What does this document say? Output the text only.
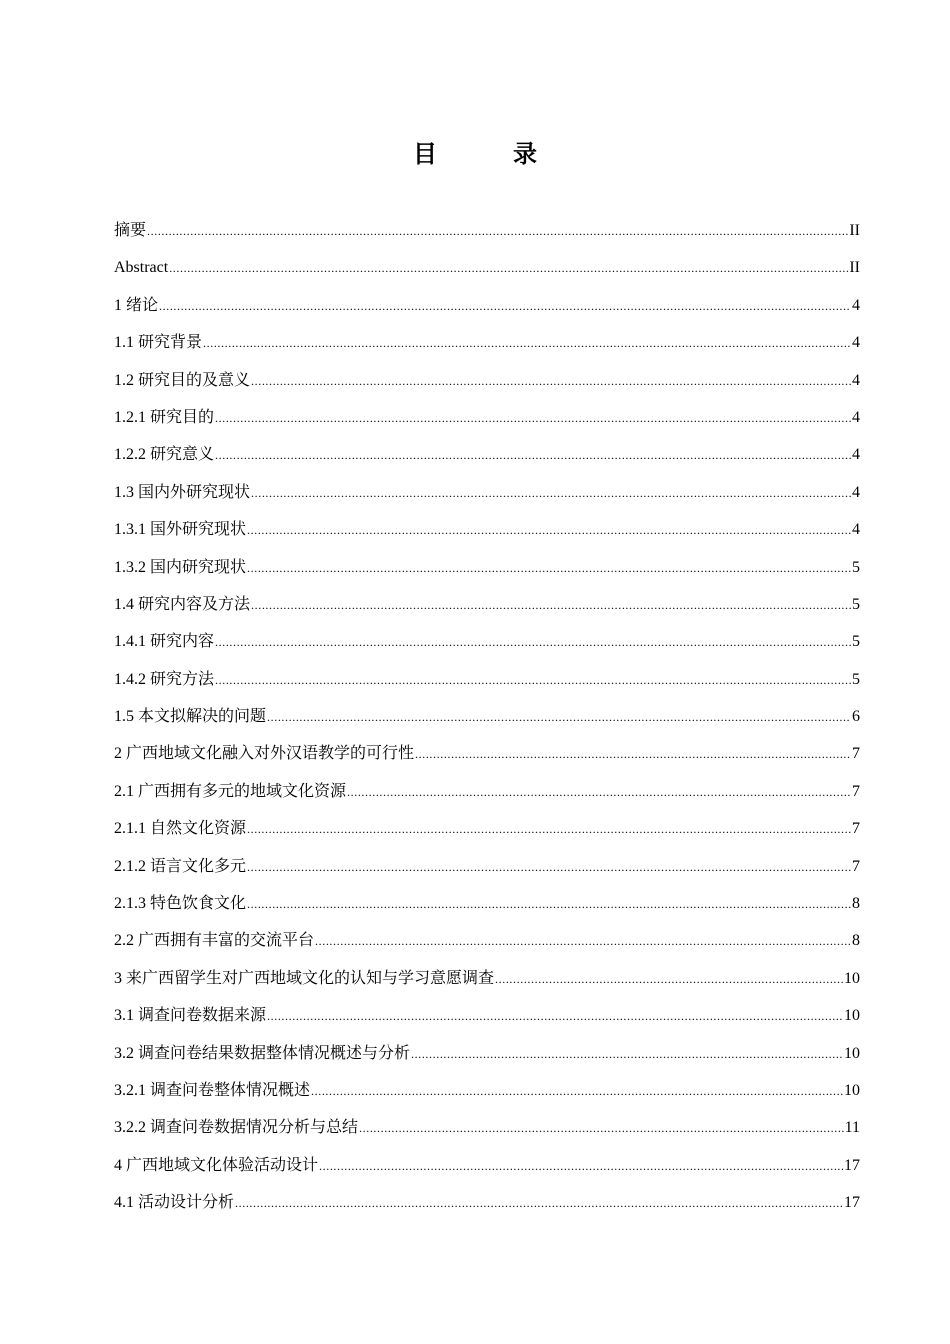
目　录
摘要 .....	II
Abstract .....	II
1 绪论 .....	4
1.1 研究背景 .....	4
1.2 研究目的及意义 .....	4
1.2.1 研究目的 .....	4
1.2.2 研究意义 .....	4
1.3 国内外研究现状 .....	4
1.3.1 国外研究现状 .....	4
1.3.2 国内研究现状 .....	5
1.4 研究内容及方法 .....	5
1.4.1 研究内容 .....	5
1.4.2 研究方法 .....	5
1.5 本文拟解决的问题 .....	6
2 广西地域文化融入对外汉语教学的可行性 .....	7
2.1 广西拥有多元的地域文化资源 .....	7
2.1.1 自然文化资源 .....	7
2.1.2 语言文化多元 .....	7
2.1.3 特色饮食文化 .....	8
2.2 广西拥有丰富的交流平台 .....	8
3 来广西留学生对广西地域文化的认知与学习意愿调查 .....	10
3.1 调查问卷数据来源 .....	10
3.2 调查问卷结果数据整体情况概述与分析 .....	10
3.2.1 调查问卷整体情况概述 .....	10
3.2.2 调查问卷数据情况分析与总结 .....	11
4 广西地域文化体验活动设计 .....	17
4.1 活动设计分析 .....	17
